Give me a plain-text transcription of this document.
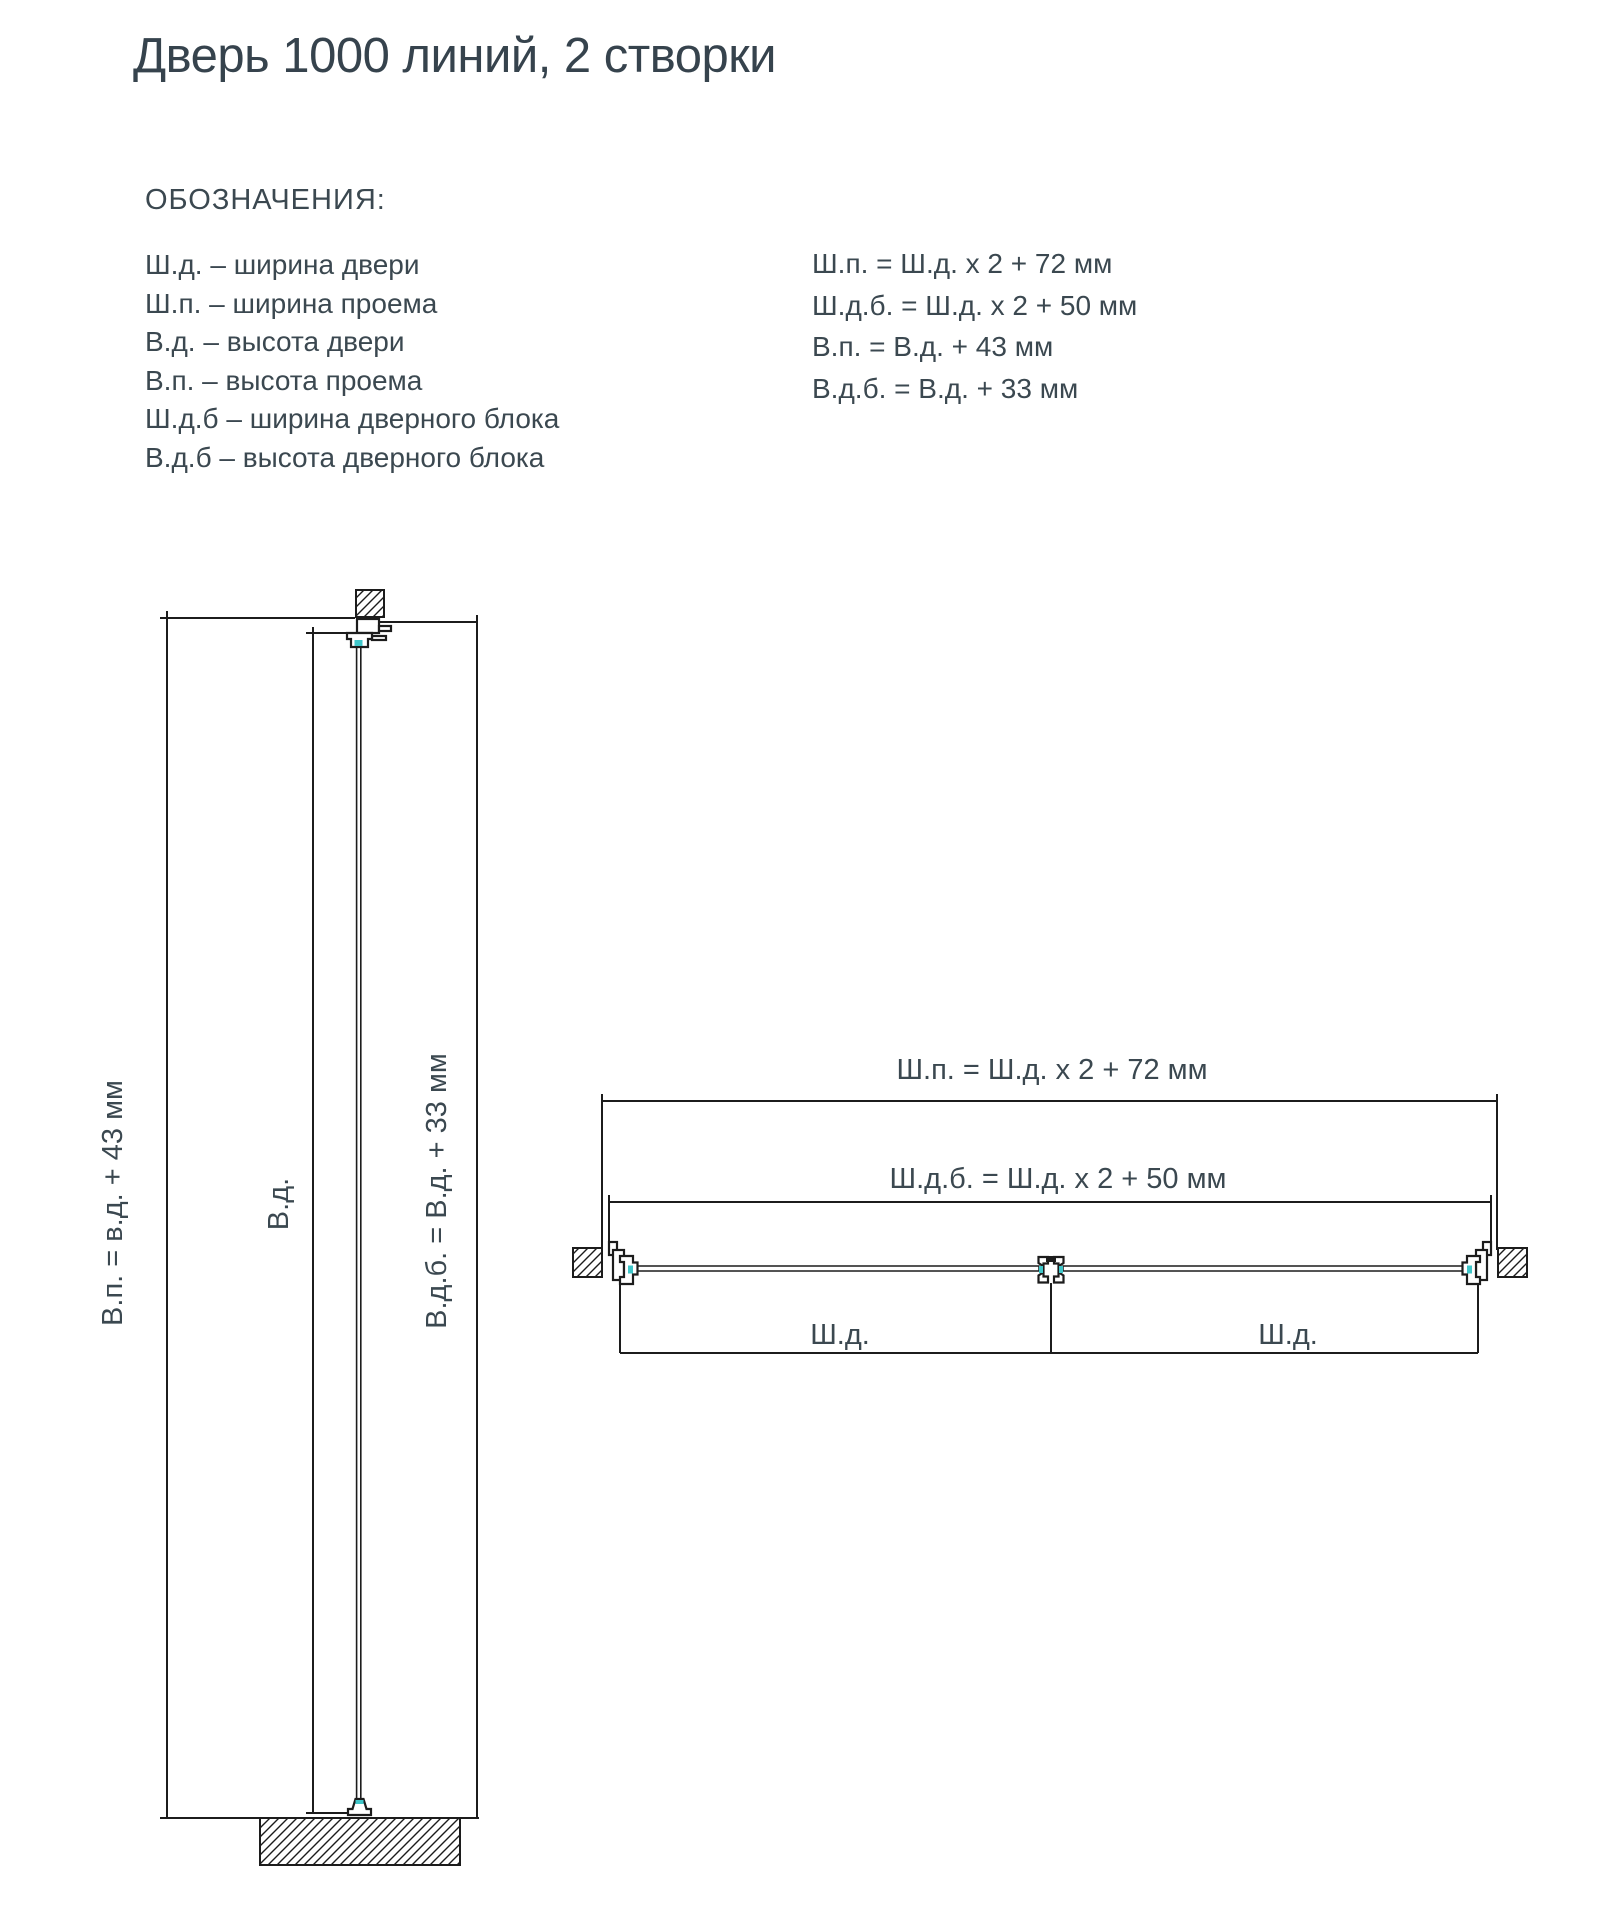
Дверь 1000 линий, 2 створки
ОБОЗНАЧЕНИЯ:
Ш.д. – ширина двери
Ш.п. – ширина проема
В.д. – высота двери
В.п. – высота проема
Ш.д.б – ширина дверного блока
В.д.б – высота дверного блока
Ш.п. = Ш.д. х 2 + 72 мм
Ш.д.б. = Ш.д. х 2 + 50 мм
В.п. = В.д. + 43 мм
В.д.б. = В.д. + 33 мм
В.п. = в.д. + 43 мм	В.д.	В.д.б. = В.д. + 33 мм	Ш.п. = Ш.д. х 2 + 72 мм
Ш.д.б. = Ш.д. х 2 + 50 мм
Ш.д.	Ш.д.
